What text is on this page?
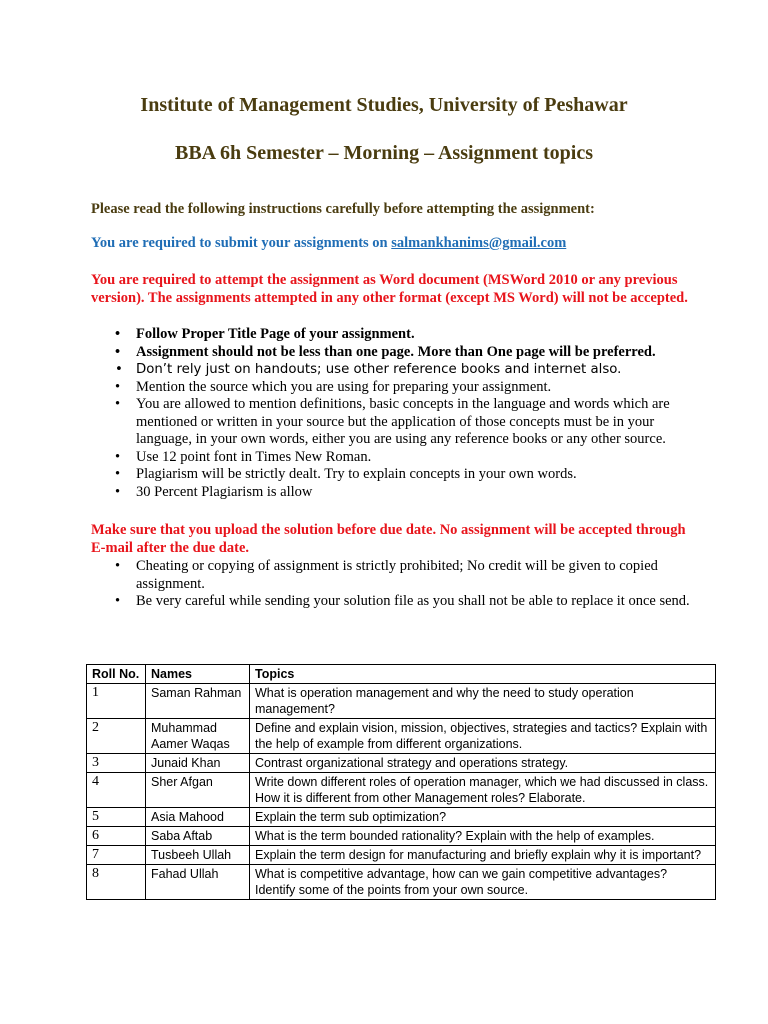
Institute of Management Studies, University of Peshawar
BBA 6h Semester – Morning – Assignment topics

Please read the following instructions carefully before attempting the assignment:

You are required to submit your assignments on salmankhanims@gmail.com

You are required to attempt the assignment as Word document (MSWord 2010 or any previous version). The assignments attempted in any other format (except MS Word) will not be accepted.

• Follow Proper Title Page of your assignment.
• Assignment should not be less than one page. More than One page will be preferred.
• Don’t rely just on handouts; use other reference books and internet also.
• Mention the source which you are using for preparing your assignment.
• You are allowed to mention definitions, basic concepts in the language and words which are mentioned or written in your source but the application of those concepts must be in your language, in your own words, either you are using any reference books or any other source.
• Use 12 point font in Times New Roman.
• Plagiarism will be strictly dealt. Try to explain concepts in your own words.
• 30 Percent Plagiarism is allow

Make sure that you upload the solution before due date. No assignment will be accepted through E-mail after the due date.

• Cheating or copying of assignment is strictly prohibited; No credit will be given to copied assignment.
• Be very careful while sending your solution file as you shall not be able to replace it once send.
Roll No.	Names	Topics
1	Saman Rahman	What is operation management and why the need to study operation management?
2	Muhammad Aamer Waqas	Define and explain vision, mission, objectives, strategies and tactics? Explain with the help of example from different organizations.
3	Junaid Khan	Contrast organizational strategy and operations strategy.
4	Sher Afgan	Write down different roles of operation manager, which we had discussed in class. How it is different from other Management roles? Elaborate.
5	Asia Mahood	Explain the term sub optimization?
6	Saba Aftab	What is the term bounded rationality? Explain with the help of examples.
7	Tusbeeh Ullah	Explain the term design for manufacturing and briefly explain why it is important?
8	Fahad Ullah	What is competitive advantage, how can we gain competitive advantages? Identify some of the points from your own source.
